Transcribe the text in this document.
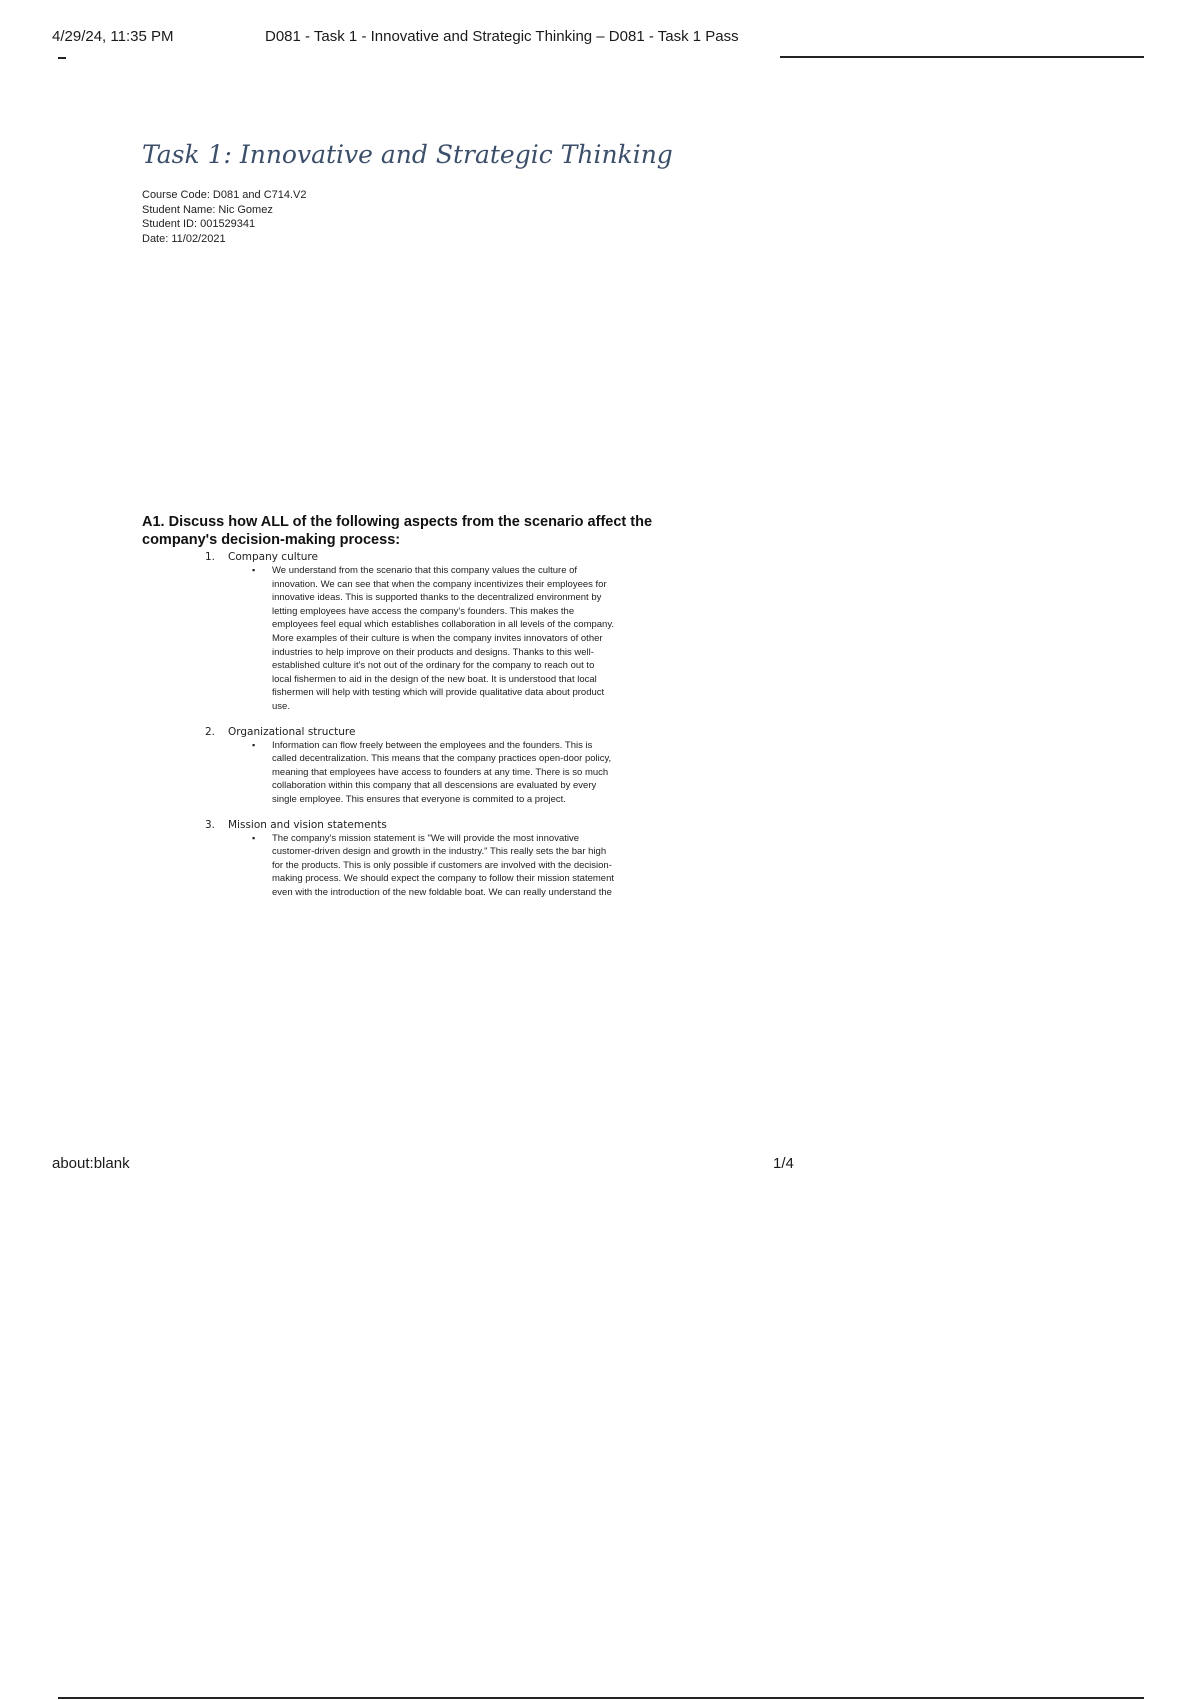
4/29/24, 11:35 PM	D081 - Task 1 - Innovative and Strategic Thinking – D081 - Task 1 Pass
Task 1: Innovative and Strategic Thinking
Course Code: D081 and C714.V2
Student Name: Nic Gomez
Student ID: 001529341
Date: 11/02/2021
A1. Discuss how ALL of the following aspects from the scenario affect the company's decision-making process:
1. Company culture
▪ We understand from the scenario that this company values the culture of
innovation. We can see that when the company incentivizes their employees for
innovative ideas. This is supported thanks to the decentralized environment by
letting employees have access the company's founders. This makes the
employees feel equal which establishes collaboration in all levels of the company.
More examples of their culture is when the company invites innovators of other
industries to help improve on their products and designs. Thanks to this well-
established culture it's not out of the ordinary for the company to reach out to
local fishermen to aid in the design of the new boat. It is understood that local
fishermen will help with testing which will provide qualitative data about product
use.
2. Organizational structure
▪ Information can flow freely between the employees and the founders. This is
called decentralization. This means that the company practices open-door policy,
meaning that employees have access to founders at any time. There is so much
collaboration within this company that all descensions are evaluated by every
single employee. This ensures that everyone is commited to a project.
3. Mission and vision statements
▪ The company's mission statement is "We will provide the most innovative
customer-driven design and growth in the industry." This really sets the bar high
for the products. This is only possible if customers are involved with the decision-
making process. We should expect the company to follow their mission statement
even with the introduction of the new foldable boat. We can really understand the
about:blank	1/4
